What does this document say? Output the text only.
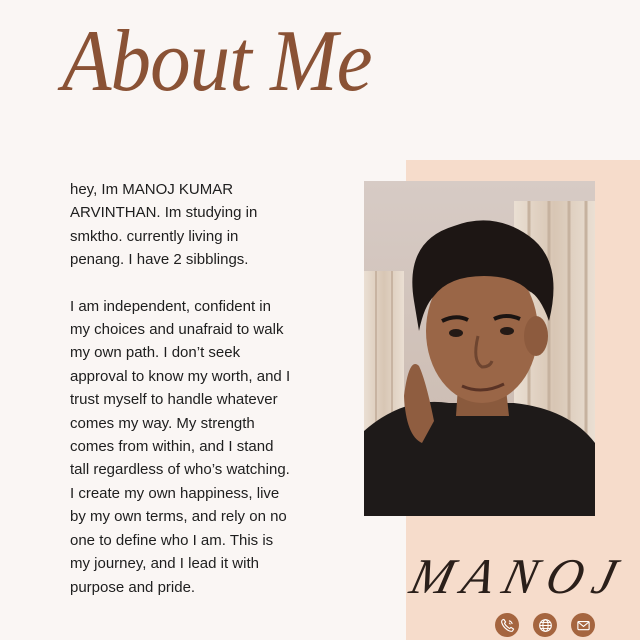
About Me

hey, Im MANOJ KUMAR
ARVINTHAN. Im studying in
smktho. currently living in
penang. I have 2 sibblings.

I am independent, confident in
my choices and unafraid to walk
my own path. I don’t seek
approval to know my worth, and I
trust myself to handle whatever
comes my way. My strength
comes from within, and I stand
tall regardless of who’s watching.
I create my own happiness, live
by my own terms, and rely on no
one to define who I am. This is
my journey, and I lead it with
purpose and pride.	MANOJ
